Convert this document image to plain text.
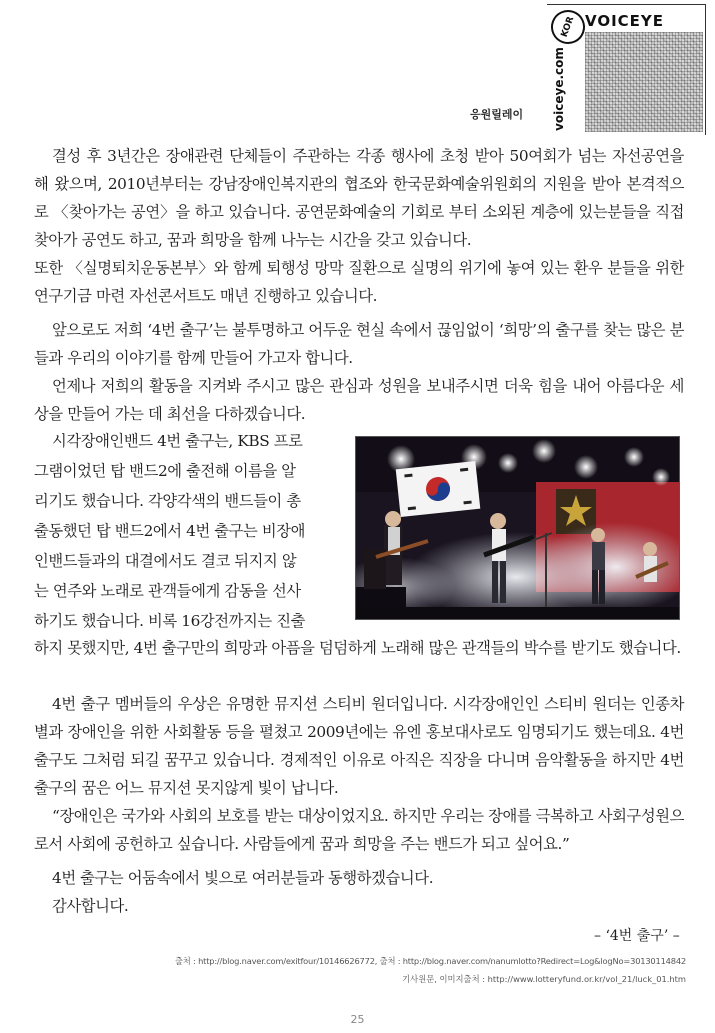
KOR VOICEYE
voiceye.com
응원릴레이

결성 후 3년간은 장애관련 단체들이 주관하는 각종 행사에 초청 받아 50여회가 넘는 자선공연을 해 왔으며, 2010년부터는 강남장애인복지관의 협조와 한국문화예술위원회의 지원을 받아 본격적으로 〈찾아가는 공연〉을 하고 있습니다. 공연문화예술의 기회로 부터 소외된 계층에 있는분들을 직접 찾아가 공연도 하고, 꿈과 희망을 함께 나누는 시간을 갖고 있습니다.

또한 〈실명퇴치운동본부〉와 함께 퇴행성 망막 질환으로 실명의 위기에 놓여 있는 환우 분들을 위한 연구기금 마련 자선콘서트도 매년 진행하고 있습니다.

앞으로도 저희 ‘4번 출구’는 불투명하고 어두운 현실 속에서 끊임없이 ‘희망’의 출구를 찾는 많은 분들과 우리의 이야기를 함께 만들어 가고자 합니다.

언제나 저희의 활동을 지켜봐 주시고 많은 관심과 성원을 보내주시면 더욱 힘을 내어 아름다운 세상을 만들어 가는 데 최선을 다하겠습니다.

시각장애인밴드 4번 출구는, KBS 프로
그램이었던 탑 밴드2에 출전해 이름을 알
리기도 했습니다. 각양각색의 밴드들이 총
출동했던 탑 밴드2에서 4번 출구는 비장애
인밴드들과의 대결에서도 결코 뒤지지 않
는 연주와 노래로 관객들에게 감동을 선사
하기도 했습니다. 비록 16강전까지는 진출

하지 못했지만, 4번 출구만의 희망과 아픔을 덤덤하게 노래해 많은 관객들의 박수를 받기도 했습니다.

4번 출구 멤버들의 우상은 유명한 뮤지션 스티비 원더입니다. 시각장애인인 스티비 원더는 인종차별과 장애인을 위한 사회활동 등을 펼쳤고 2009년에는 유엔 홍보대사로도 임명되기도 했는데요. 4번 출구도 그처럼 되길 꿈꾸고 있습니다. 경제적인 이유로 아직은 직장을 다니며 음악활동을 하지만 4번 출구의 꿈은 어느 뮤지션 못지않게 빛이 납니다.

“장애인은 국가와 사회의 보호를 받는 대상이었지요. 하지만 우리는 장애를 극복하고 사회구성원으로서 사회에 공헌하고 싶습니다. 사람들에게 꿈과 희망을 주는 밴드가 되고 싶어요.”

4번 출구는 어둠속에서 빛으로 여러분들과 동행하겠습니다.

감사합니다.

– ‘4번 출구’ –
출처 : http://blog.naver.com/exitfour/10146626772, 출처 : http://blog.naver.com/nanumlotto?Redirect=Log&logNo=30130114842
기사원문, 이미지출처 : http://www.lotteryfund.or.kr/vol_21/luck_01.htm
25
